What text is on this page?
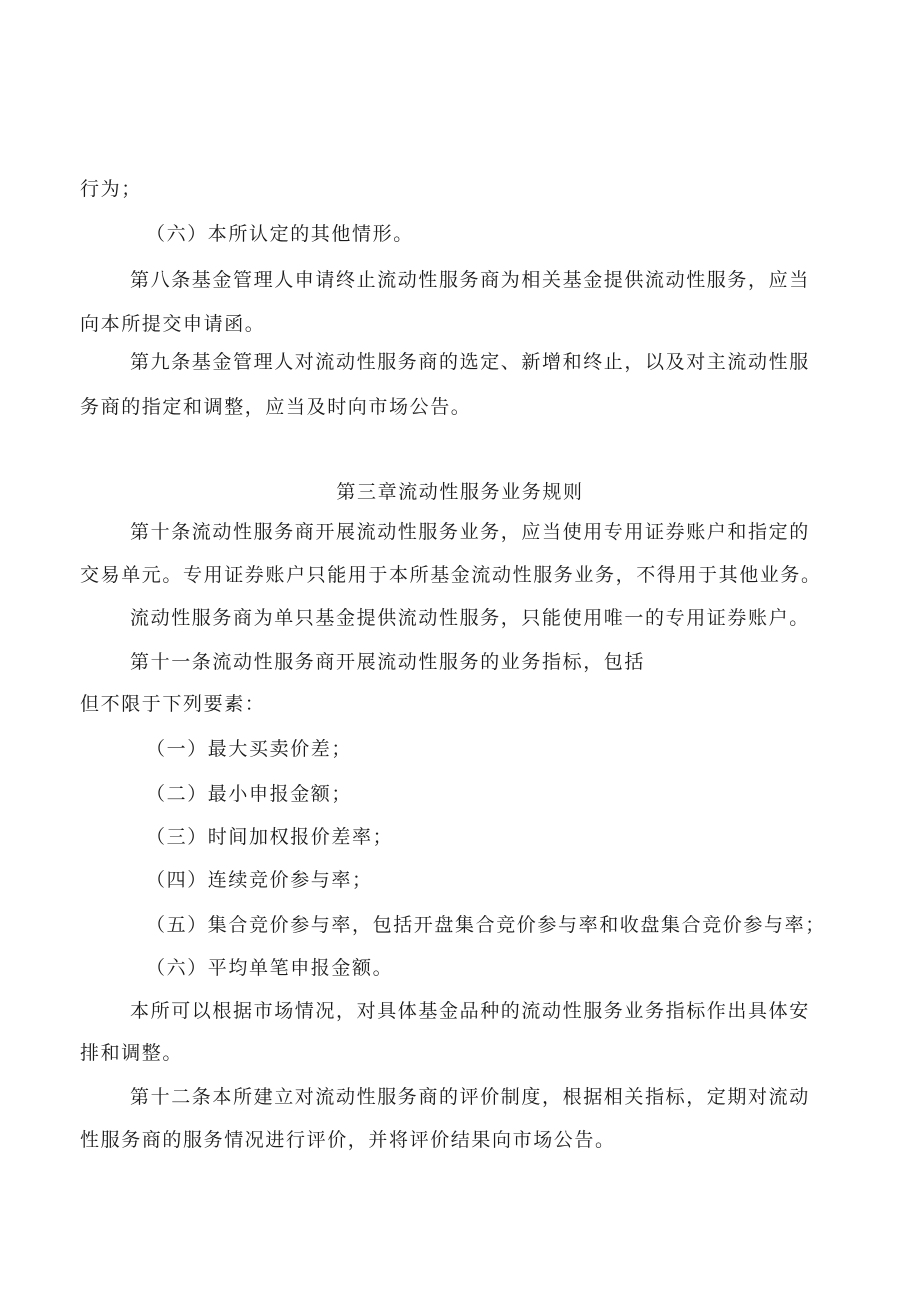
行为；
（六）本所认定的其他情形。
第八条基金管理人申请终止流动性服务商为相关基金提供流动性服务，应当
向本所提交申请函。
第九条基金管理人对流动性服务商的选定、新增和终止，以及对主流动性服
务商的指定和调整，应当及时向市场公告。
第三章流动性服务业务规则
第十条流动性服务商开展流动性服务业务，应当使用专用证券账户和指定的
交易单元。专用证券账户只能用于本所基金流动性服务业务，不得用于其他业务。
流动性服务商为单只基金提供流动性服务，只能使用唯一的专用证券账户。
第十一条流动性服务商开展流动性服务的业务指标，包括
但不限于下列要素：
（一）最大买卖价差；
（二）最小申报金额；
（三）时间加权报价差率；
（四）连续竞价参与率；
（五）集合竞价参与率，包括开盘集合竞价参与率和收盘集合竞价参与率；
（六）平均单笔申报金额。
本所可以根据市场情况，对具体基金品种的流动性服务业务指标作出具体安
排和调整。
第十二条本所建立对流动性服务商的评价制度，根据相关指标，定期对流动
性服务商的服务情况进行评价，并将评价结果向市场公告。
